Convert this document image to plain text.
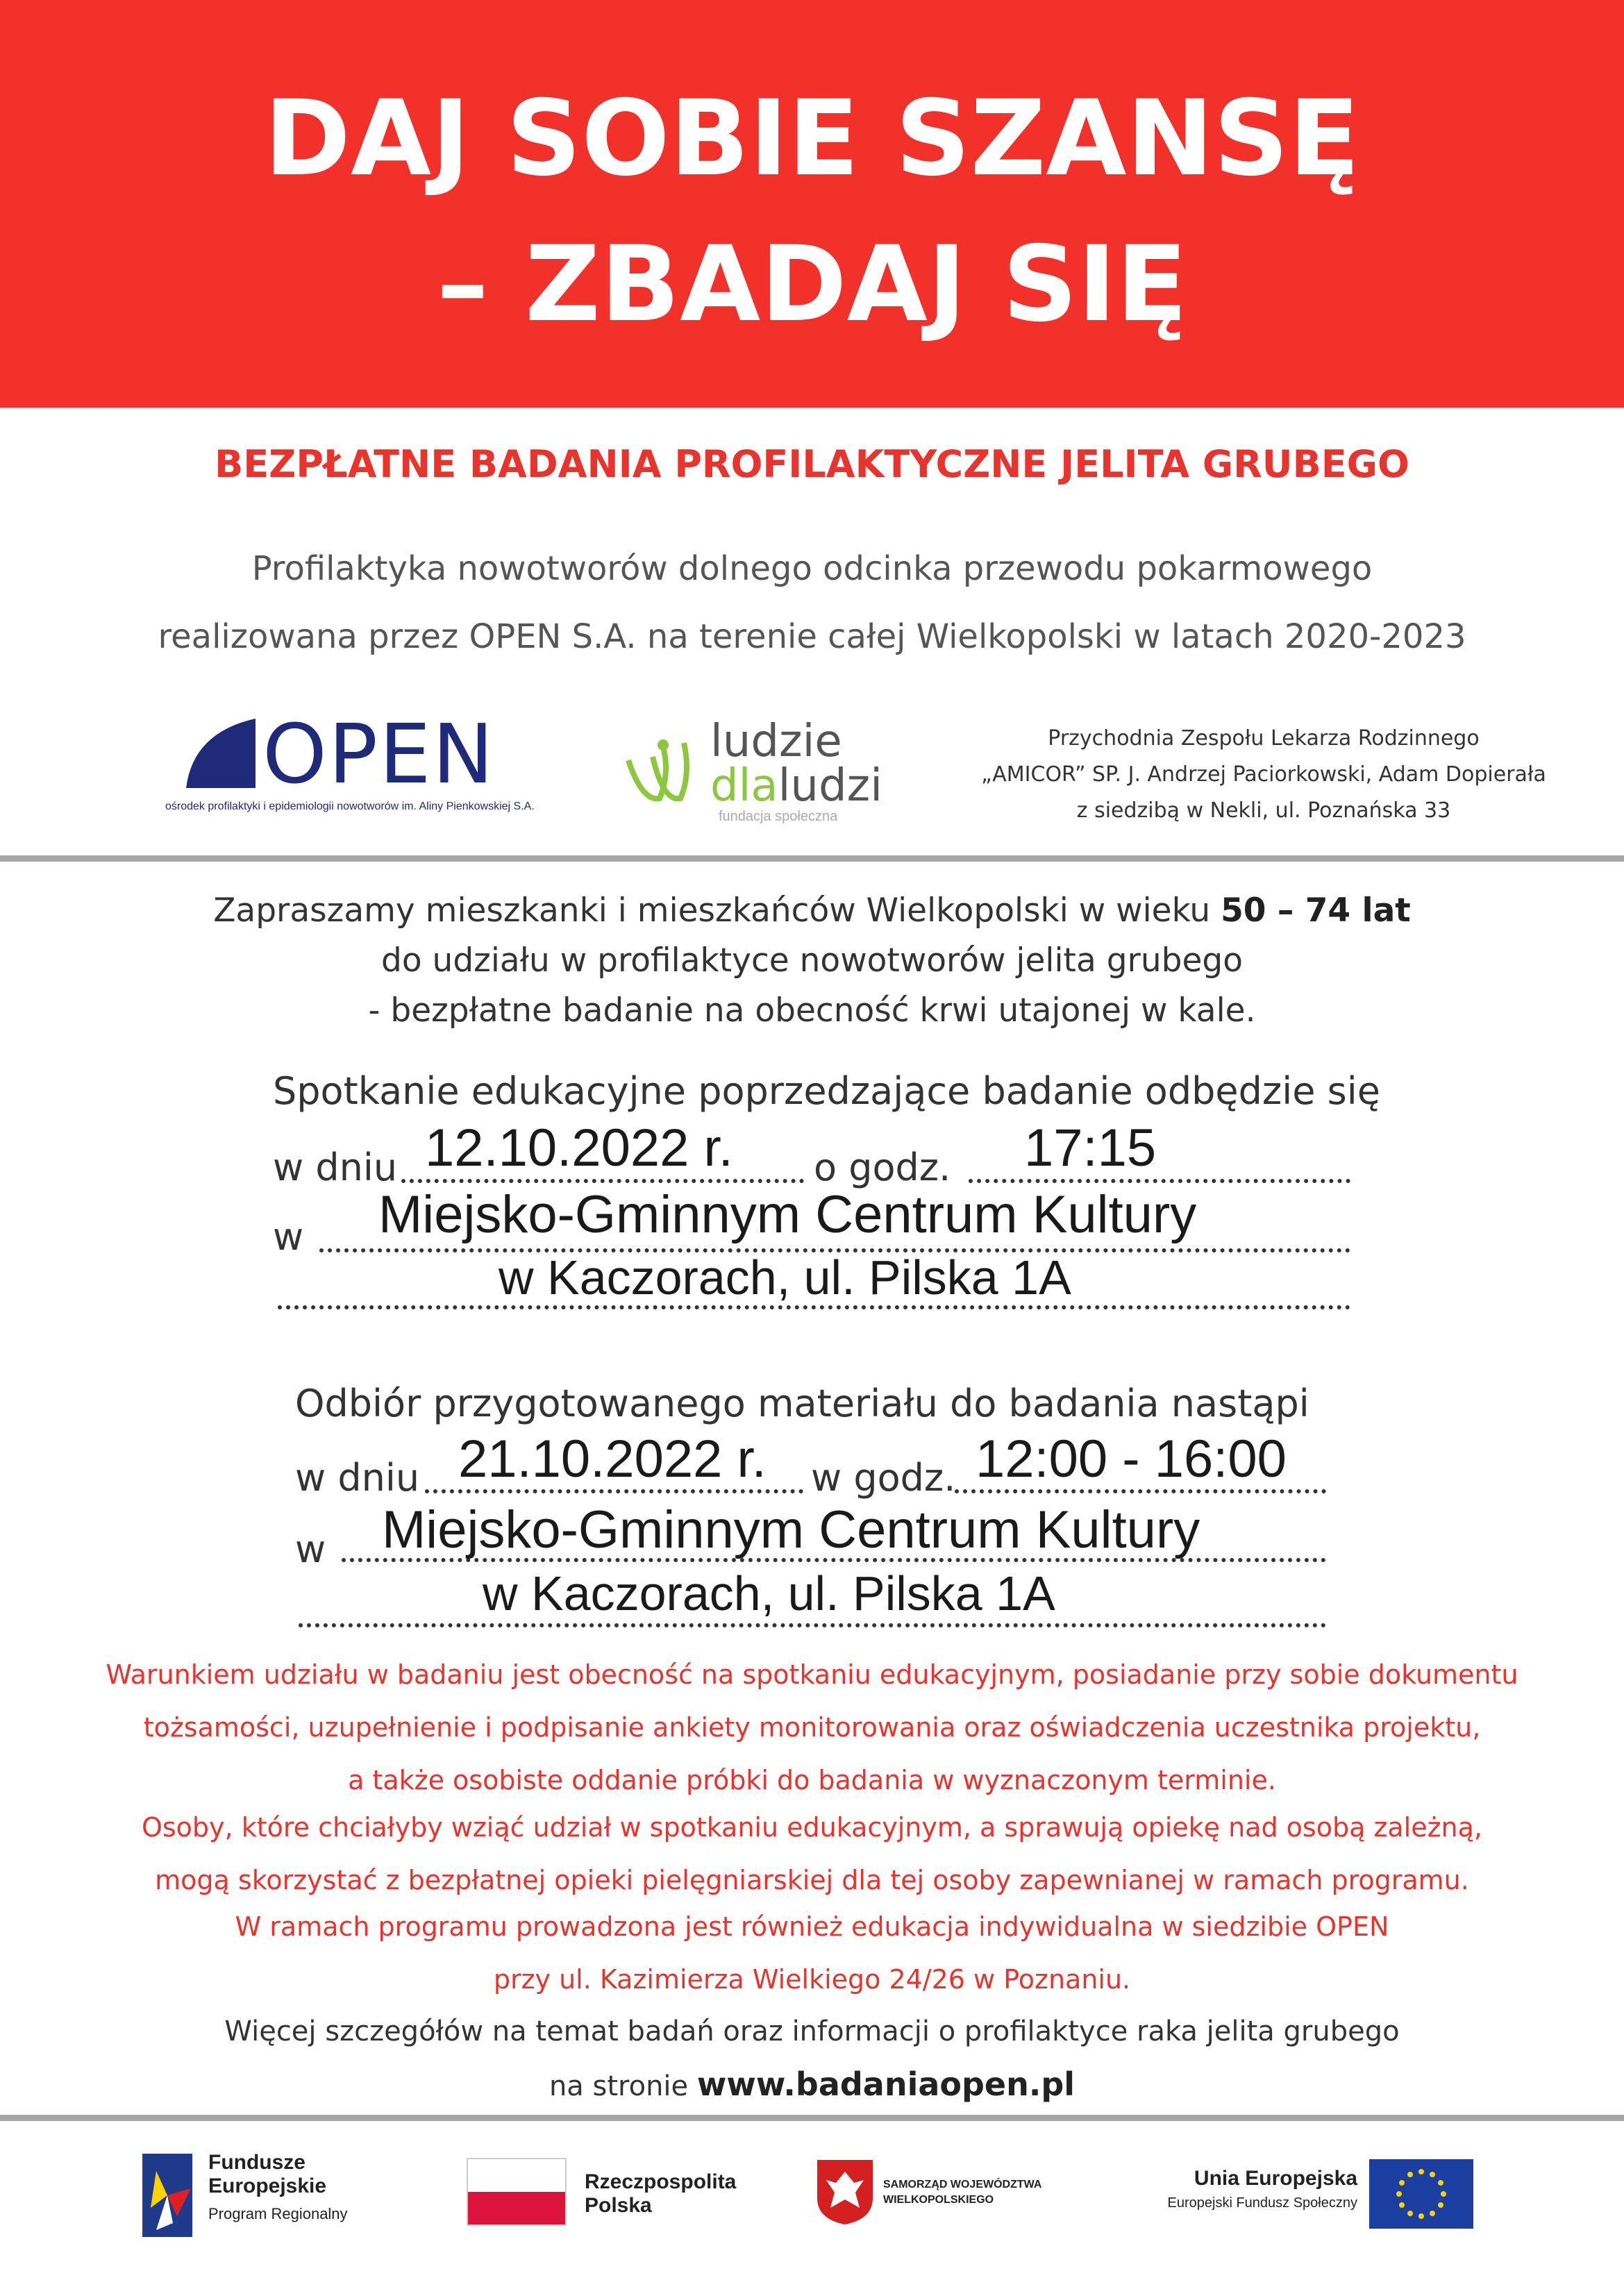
DAJ SOBIE SZANSĘ
– ZBADAJ SIĘ
BEZPŁATNE BADANIA PROFILAKTYCZNE JELITA GRUBEGO
Profilaktyka nowotworów dolnego odcinka przewodu pokarmowego
realizowana przez OPEN S.A. na terenie całej Wielkopolski w latach 2020-2023
OPEN
ośrodek profilaktyki i epidemiologii nowotworów im. Aliny Pienkowskiej S.A.
ludzie
dlaludzi
fundacja społeczna
Przychodnia Zespołu Lekarza Rodzinnego
„AMICOR” SP. J. Andrzej Paciorkowski, Adam Dopierała
z siedzibą w Nekli, ul. Poznańska 33
Zapraszamy mieszkanki i mieszkańców Wielkopolski w wieku 50 – 74 lat
do udziału w profilaktyce nowotworów jelita grubego
- bezpłatne badanie na obecność krwi utajonej w kale.
Spotkanie edukacyjne poprzedzające badanie odbędzie się
w dniu 12.10.2022 r. o godz. 17:15
w Miejsko-Gminnym Centrum Kultury
w Kaczorach, ul. Pilska 1A
Odbiór przygotowanego materiału do badania nastąpi
w dniu 21.10.2022 r. w godz. 12:00 - 16:00
w Miejsko-Gminnym Centrum Kultury
w Kaczorach, ul. Pilska 1A
Warunkiem udziału w badaniu jest obecność na spotkaniu edukacyjnym, posiadanie przy sobie dokumentu
tożsamości, uzupełnienie i podpisanie ankiety monitorowania oraz oświadczenia uczestnika projektu,
a także osobiste oddanie próbki do badania w wyznaczonym terminie.
Osoby, które chciałyby wziąć udział w spotkaniu edukacyjnym, a sprawują opiekę nad osobą zależną,
mogą skorzystać z bezpłatnej opieki pielęgniarskiej dla tej osoby zapewnianej w ramach programu.
W ramach programu prowadzona jest również edukacja indywidualna w siedzibie OPEN
przy ul. Kazimierza Wielkiego 24/26 w Poznaniu.
Więcej szczegółów na temat badań oraz informacji o profilaktyce raka jelita grubego
na stronie www.badaniaopen.pl
Fundusze
Europejskie
Program Regionalny
Rzeczpospolita
Polska
SAMORZĄD WOJEWÓDZTWA
WIELKOPOLSKIEGO
Unia Europejska
Europejski Fundusz Społeczny
